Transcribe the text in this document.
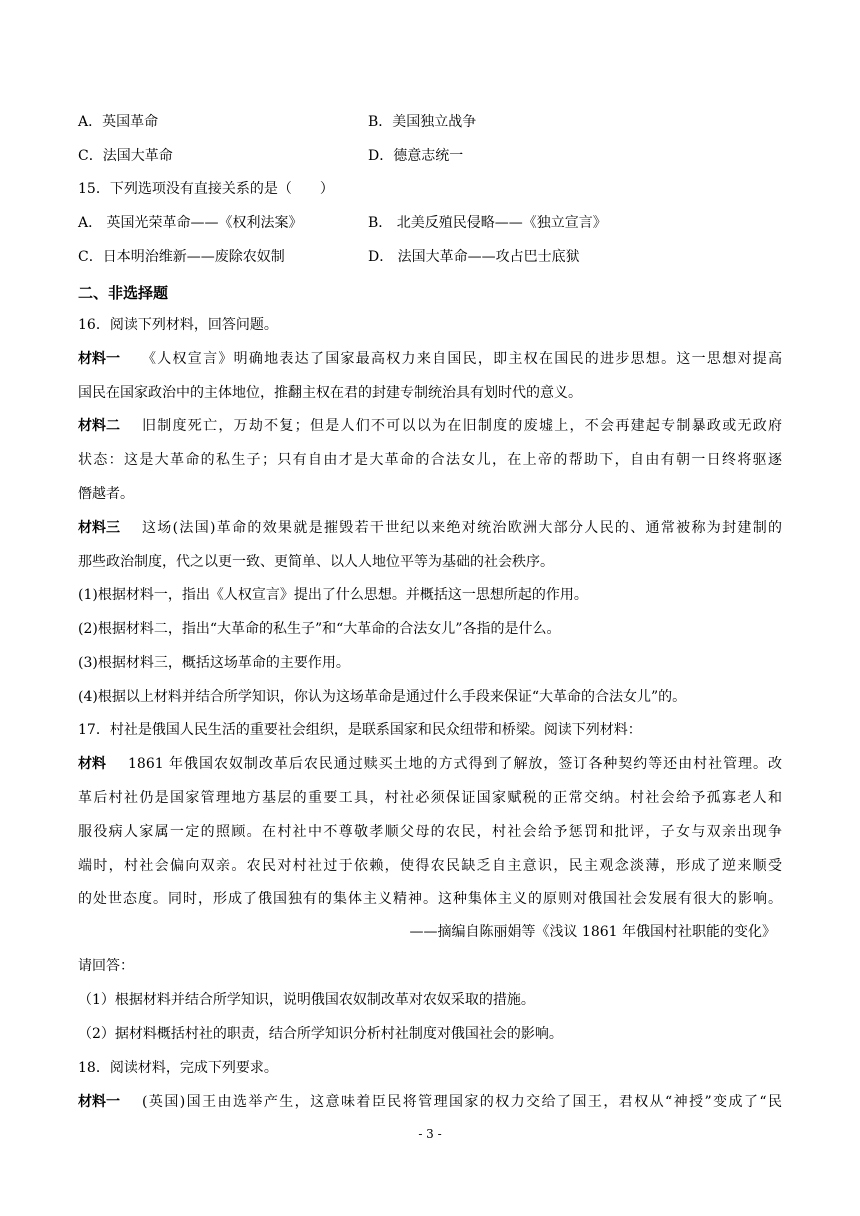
A．英国革命	B．美国独立战争
C．法国大革命	D．德意志统一
15．下列选项没有直接关系的是（　　）
A． 英国光荣革命——《权利法案》	B． 北美反殖民侵略——《独立宣言》
C．日本明治维新——废除农奴制	D． 法国大革命——攻占巴士底狱
二、非选择题
16．阅读下列材料，回答问题。
材料一 《人权宣言》明确地表达了国家最高权力来自国民，即主权在国民的进步思想。这一思想对提高
国民在国家政治中的主体地位，推翻主权在君的封建专制统治具有划时代的意义。
材料二 旧制度死亡，万劫不复；但是人们不可以以为在旧制度的废墟上，不会再建起专制暴政或无政府
状态：这是大革命的私生子；只有自由才是大革命的合法女儿，在上帝的帮助下，自由有朝一日终将驱逐
僭越者。
材料三 这场(法国)革命的效果就是摧毁若干世纪以来绝对统治欧洲大部分人民的、通常被称为封建制的
那些政治制度，代之以更一致、更简单、以人人地位平等为基础的社会秩序。
(1)根据材料一，指出《人权宣言》提出了什么思想。并概括这一思想所起的作用。
(2)根据材料二，指出“大革命的私生子”和“大革命的合法女儿”各指的是什么。
(3)根据材料三，概括这场革命的主要作用。
(4)根据以上材料并结合所学知识，你认为这场革命是通过什么手段来保证“大革命的合法女儿”的。
17．村社是俄国人民生活的重要社会组织，是联系国家和民众纽带和桥梁。阅读下列材料：
材料 1861 年俄国农奴制改革后农民通过赎买土地的方式得到了解放，签订各种契约等还由村社管理。改
革后村社仍是国家管理地方基层的重要工具，村社必须保证国家赋税的正常交纳。村社会给予孤寡老人和
服役病人家属一定的照顾。在村社中不尊敬孝顺父母的农民，村社会给予惩罚和批评，子女与双亲出现争
端时，村社会偏向双亲。农民对村社过于依赖，使得农民缺乏自主意识，民主观念淡薄，形成了逆来顺受
的处世态度。同时，形成了俄国独有的集体主义精神。这种集体主义的原则对俄国社会发展有很大的影响。
——摘编自陈丽娟等《浅议 1861 年俄国村社职能的变化》
请回答：
（1）根据材料并结合所学知识，说明俄国农奴制改革对农奴采取的措施。
（2）据材料概括村社的职责，结合所学知识分析村社制度对俄国社会的影响。
18．阅读材料，完成下列要求。
材料一 (英国)国王由选举产生，这意味着臣民将管理国家的权力交给了国王，君权从“神授”变成了“民
- 3 -
